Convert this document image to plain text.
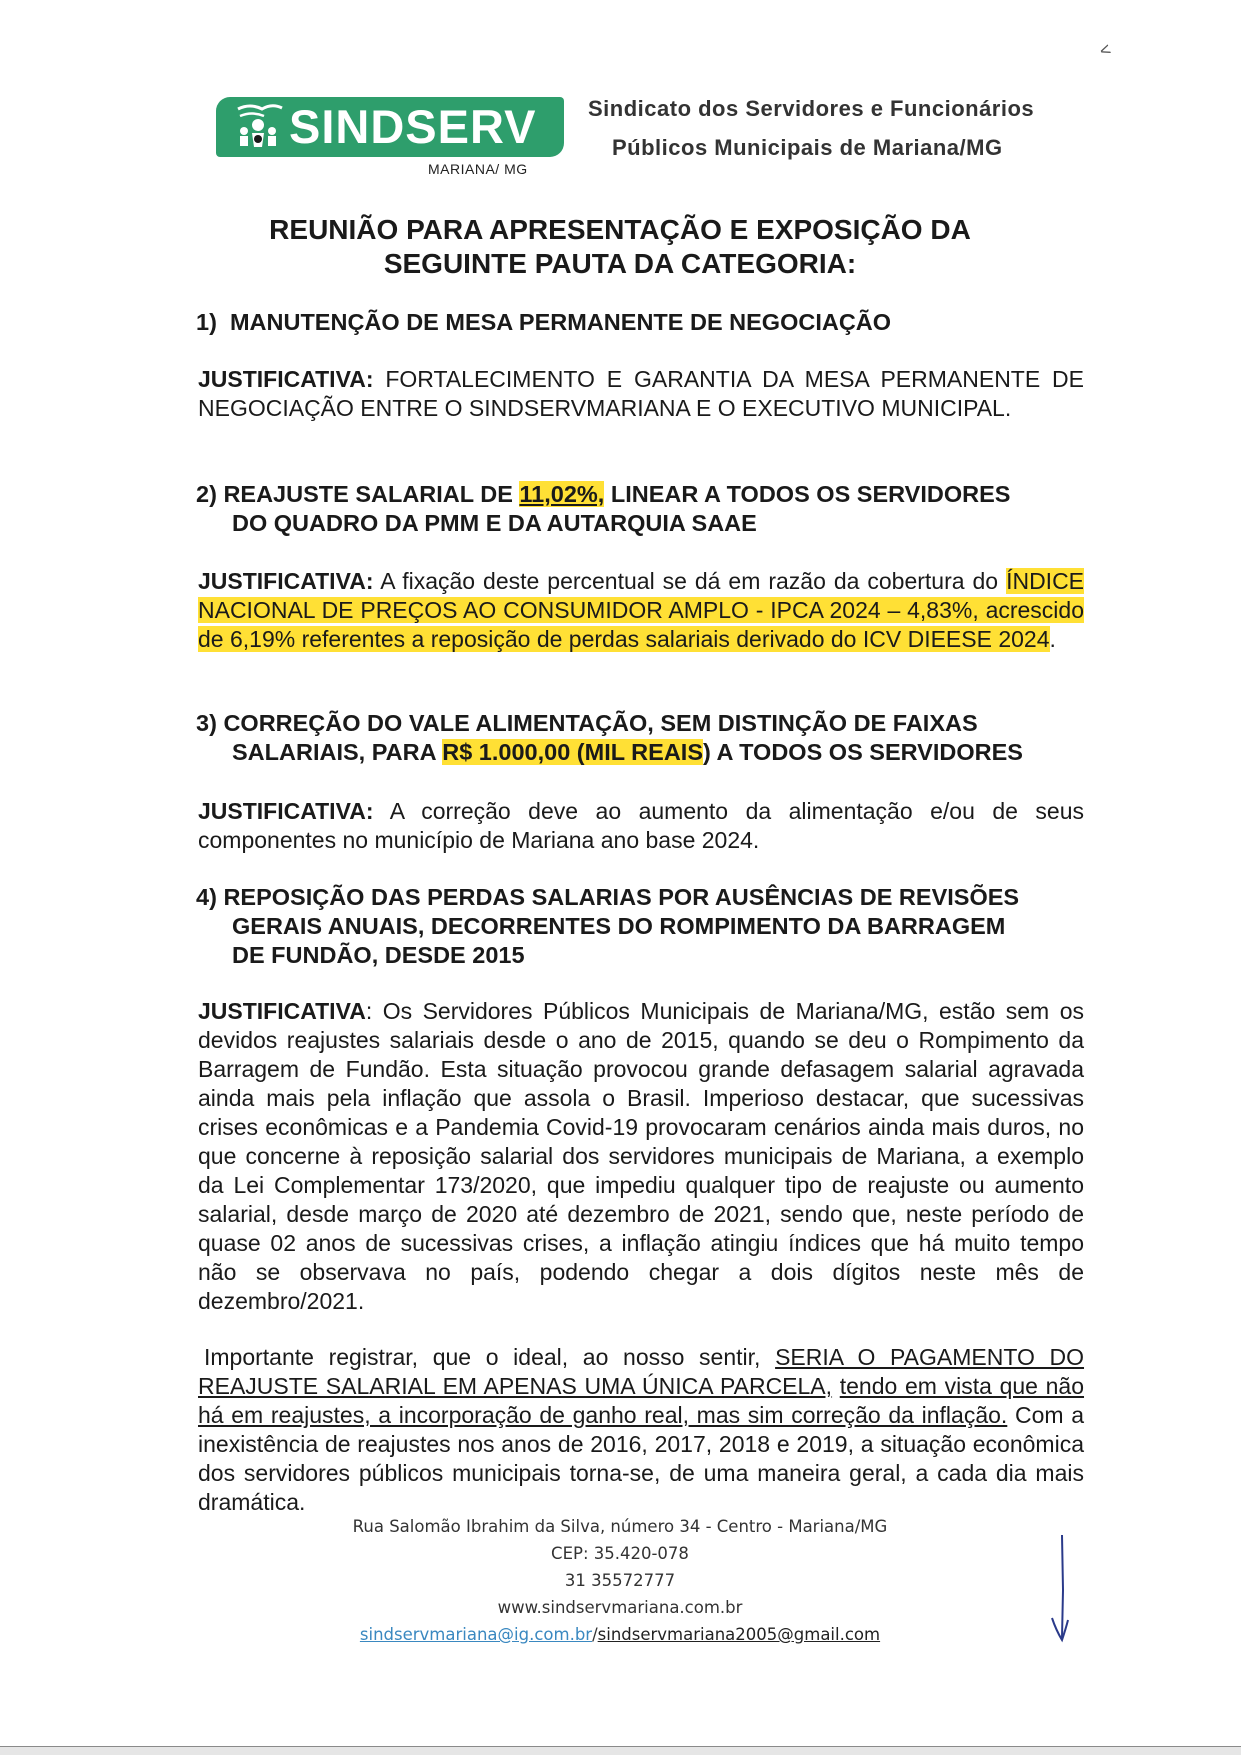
<
SINDSERV
MARIANA/ MG
Sindicato dos Servidores e Funcionários
Públicos Municipais de Mariana/MG
REUNIÃO PARA APRESENTAÇÃO E EXPOSIÇÃO DA
SEGUINTE PAUTA DA CATEGORIA:
1) MANUTENÇÃO DE MESA PERMANENTE DE NEGOCIAÇÃO
JUSTIFICATIVA: FORTALECIMENTO E GARANTIA DA MESA PERMANENTE DE NEGOCIAÇÃO ENTRE O SINDSERVMARIANA E O EXECUTIVO MUNICIPAL.
2) REAJUSTE SALARIAL DE 11,02%, LINEAR A TODOS OS SERVIDORES
DO QUADRO DA PMM E DA AUTARQUIA SAAE
JUSTIFICATIVA: A fixação deste percentual se dá em razão da cobertura do ÍNDICE NACIONAL DE PREÇOS AO CONSUMIDOR AMPLO - IPCA 2024 – 4,83%, acrescido de 6,19% referentes a reposição de perdas salariais derivado do ICV DIEESE 2024.
3) CORREÇÃO DO VALE ALIMENTAÇÃO, SEM DISTINÇÃO DE FAIXAS
SALARIAIS, PARA R$ 1.000,00 (MIL REAIS) A TODOS OS SERVIDORES
JUSTIFICATIVA: A correção deve ao aumento da alimentação e/ou de seus componentes no município de Mariana ano base 2024.
4) REPOSIÇÃO DAS PERDAS SALARIAS POR AUSÊNCIAS DE REVISÕES
GERAIS ANUAIS, DECORRENTES DO ROMPIMENTO DA BARRAGEM
DE FUNDÃO, DESDE 2015
JUSTIFICATIVA: Os Servidores Públicos Municipais de Mariana/MG, estão sem os devidos reajustes salariais desde o ano de 2015, quando se deu o Rompimento da Barragem de Fundão. Esta situação provocou grande defasagem salarial agravada ainda mais pela inflação que assola o Brasil. Imperioso destacar, que sucessivas crises econômicas e a Pandemia Covid-19 provocaram cenários ainda mais duros, no que concerne à reposição salarial dos servidores municipais de Mariana, a exemplo da Lei Complementar 173/2020, que impediu qualquer tipo de reajuste ou aumento salarial, desde março de 2020 até dezembro de 2021, sendo que, neste período de quase 02 anos de sucessivas crises, a inflação atingiu índices que há muito tempo não se observava no país, podendo chegar a dois dígitos neste mês de dezembro/2021.
Importante registrar, que o ideal, ao nosso sentir, SERIA O PAGAMENTO DO REAJUSTE SALARIAL EM APENAS UMA ÚNICA PARCELA, tendo em vista que não há em reajustes, a incorporação de ganho real, mas sim correção da inflação. Com a inexistência de reajustes nos anos de 2016, 2017, 2018 e 2019, a situação econômica dos servidores públicos municipais torna-se, de uma maneira geral, a cada dia mais dramática.
Rua Salomão Ibrahim da Silva, número 34 - Centro - Mariana/MG
CEP: 35.420-078
31 35572777
www.sindservmariana.com.br
sindservmariana@ig.com.br/sindservmariana2005@gmail.com
